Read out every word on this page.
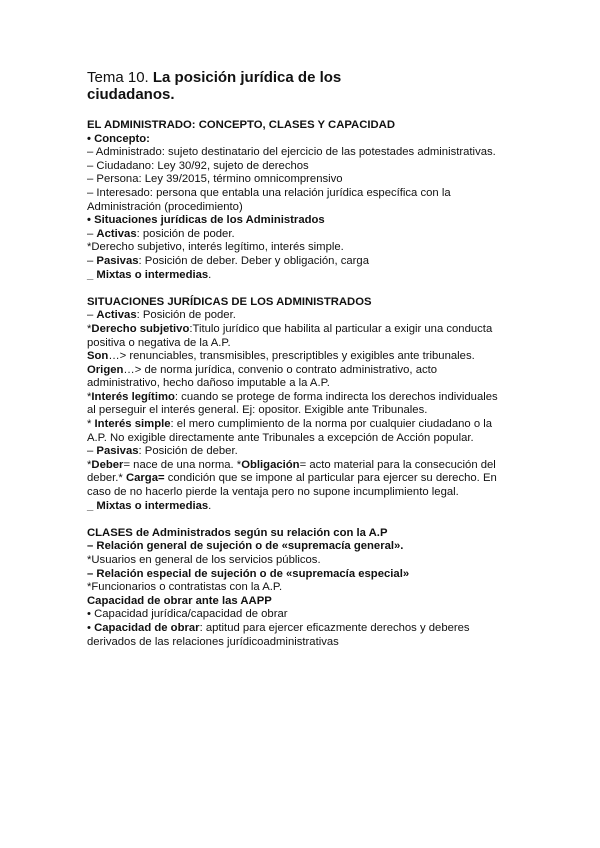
Tema 10. La posición jurídica de los ciudadanos.

EL ADMINISTRADO: CONCEPTO, CLASES Y CAPACIDAD

• Concepto:

– Administrado: sujeto destinatario del ejercicio de las potestades administrativas.

– Ciudadano: Ley 30/92, sujeto de derechos

– Persona: Ley 39/2015, término omnicomprensivo

– Interesado: persona que entabla una relación jurídica específica con la Administración (procedimiento)

• Situaciones jurídicas de los Administrados

– Activas: posición de poder.

*Derecho subjetivo, interés legítimo, interés simple.

– Pasivas: Posición de deber. Deber y obligación, carga

_ Mixtas o intermedias.

SITUACIONES JURÍDICAS DE LOS ADMINISTRADOS

– Activas: Posición de poder.

*Derecho subjetivo:Titulo jurídico que habilita al particular a exigir una conducta positiva o negativa de la A.P.

Son…> renunciables, transmisibles, prescriptibles y exigibles ante tribunales.

Origen…> de norma jurídica, convenio o contrato administrativo, acto administrativo, hecho dañoso imputable a la A.P.

*Interés legítimo: cuando se protege de forma indirecta los derechos individuales al perseguir el interés general. Ej: opositor. Exigible ante Tribunales.

* Interés simple: el mero cumplimiento de la norma por cualquier ciudadano o la A.P. No exigible directamente ante Tribunales a excepción de Acción popular.

– Pasivas: Posición de deber.

*Deber= nace de una norma. *Obligación= acto material para la consecución del deber.* Carga= condición que se impone al particular para ejercer su derecho. En caso de no hacerlo pierde la ventaja pero no supone incumplimiento legal.

_ Mixtas o intermedias.

CLASES de Administrados según su relación con la A.P

– Relación general de sujeción o de «supremacía general».

*Usuarios en general de los servicios públicos.

– Relación especial de sujeción o de «supremacía especial»

*Funcionarios o contratistas con la A.P.

Capacidad de obrar ante las AAPP

• Capacidad jurídica/capacidad de obrar

• Capacidad de obrar: aptitud para ejercer eficazmente derechos y deberes derivados de las relaciones jurídicoadministrativas
